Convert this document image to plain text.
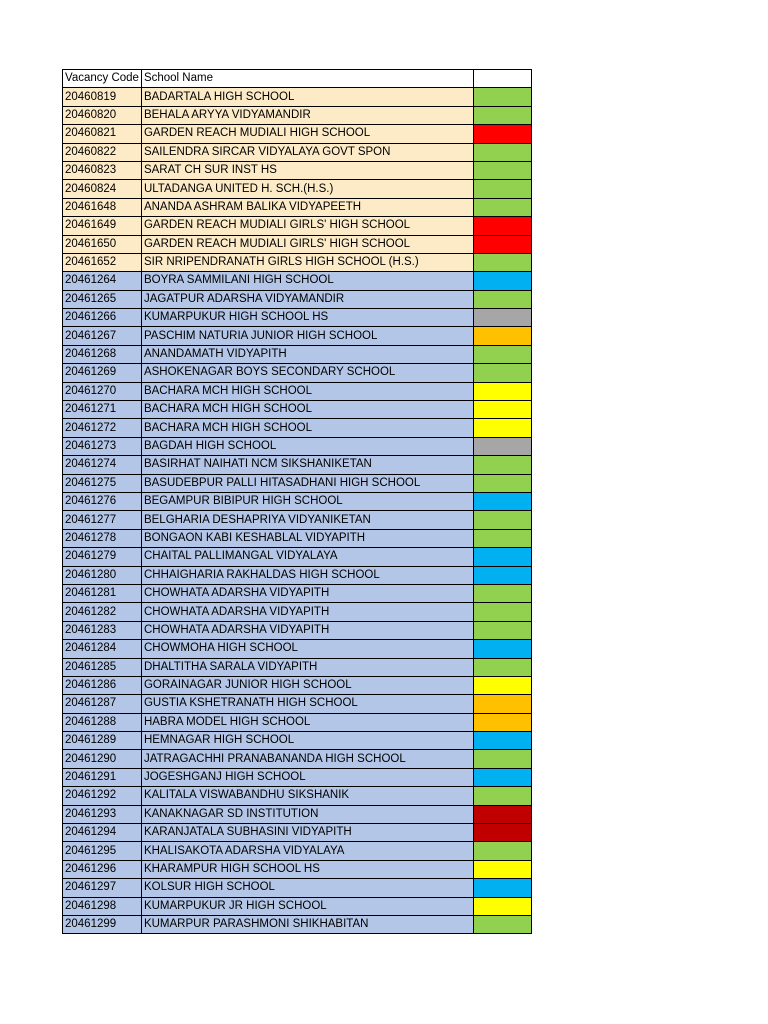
Vacancy Code	School Name	
20460819	BADARTALA HIGH SCHOOL	
20460820	BEHALA ARYYA VIDYAMANDIR	
20460821	GARDEN REACH MUDIALI HIGH SCHOOL	
20460822	SAILENDRA SIRCAR VIDYALAYA GOVT SPON	
20460823	SARAT CH SUR INST HS	
20460824	ULTADANGA UNITED H. SCH.(H.S.)	
20461648	ANANDA ASHRAM BALIKA VIDYAPEETH	
20461649	GARDEN REACH MUDIALI GIRLS' HIGH SCHOOL	
20461650	GARDEN REACH MUDIALI GIRLS' HIGH SCHOOL	
20461652	SIR NRIPENDRANATH GIRLS HIGH SCHOOL (H.S.)	
20461264	BOYRA SAMMILANI HIGH SCHOOL	
20461265	JAGATPUR ADARSHA VIDYAMANDIR	
20461266	KUMARPUKUR HIGH SCHOOL HS	
20461267	PASCHIM NATURIA JUNIOR HIGH SCHOOL	
20461268	ANANDAMATH VIDYAPITH	
20461269	ASHOKENAGAR BOYS SECONDARY SCHOOL	
20461270	BACHARA MCH HIGH SCHOOL	
20461271	BACHARA MCH HIGH SCHOOL	
20461272	BACHARA MCH HIGH SCHOOL	
20461273	BAGDAH HIGH SCHOOL	
20461274	BASIRHAT NAIHATI NCM SIKSHANIKETAN	
20461275	BASUDEBPUR PALLI HITASADHANI HIGH SCHOOL	
20461276	BEGAMPUR BIBIPUR HIGH SCHOOL	
20461277	BELGHARIA DESHAPRIYA VIDYANIKETAN	
20461278	BONGAON KABI KESHABLAL VIDYAPITH	
20461279	CHAITAL PALLIMANGAL VIDYALAYA	
20461280	CHHAIGHARIA RAKHALDAS HIGH SCHOOL	
20461281	CHOWHATA ADARSHA VIDYAPITH	
20461282	CHOWHATA ADARSHA VIDYAPITH	
20461283	CHOWHATA ADARSHA VIDYAPITH	
20461284	CHOWMOHA HIGH SCHOOL	
20461285	DHALTITHA SARALA VIDYAPITH	
20461286	GORAINAGAR JUNIOR HIGH SCHOOL	
20461287	GUSTIA KSHETRANATH HIGH SCHOOL	
20461288	HABRA MODEL HIGH SCHOOL	
20461289	HEMNAGAR HIGH SCHOOL	
20461290	JATRAGACHHI PRANABANANDA HIGH SCHOOL	
20461291	JOGESHGANJ HIGH SCHOOL	
20461292	KALITALA VISWABANDHU SIKSHANIK	
20461293	KANAKNAGAR SD INSTITUTION	
20461294	KARANJATALA SUBHASINI VIDYAPITH	
20461295	KHALISAKOTA ADARSHA VIDYALAYA	
20461296	KHARAMPUR HIGH SCHOOL HS	
20461297	KOLSUR HIGH SCHOOL	
20461298	KUMARPUKUR JR HIGH SCHOOL	
20461299	KUMARPUR PARASHMONI SHIKHABITAN	
